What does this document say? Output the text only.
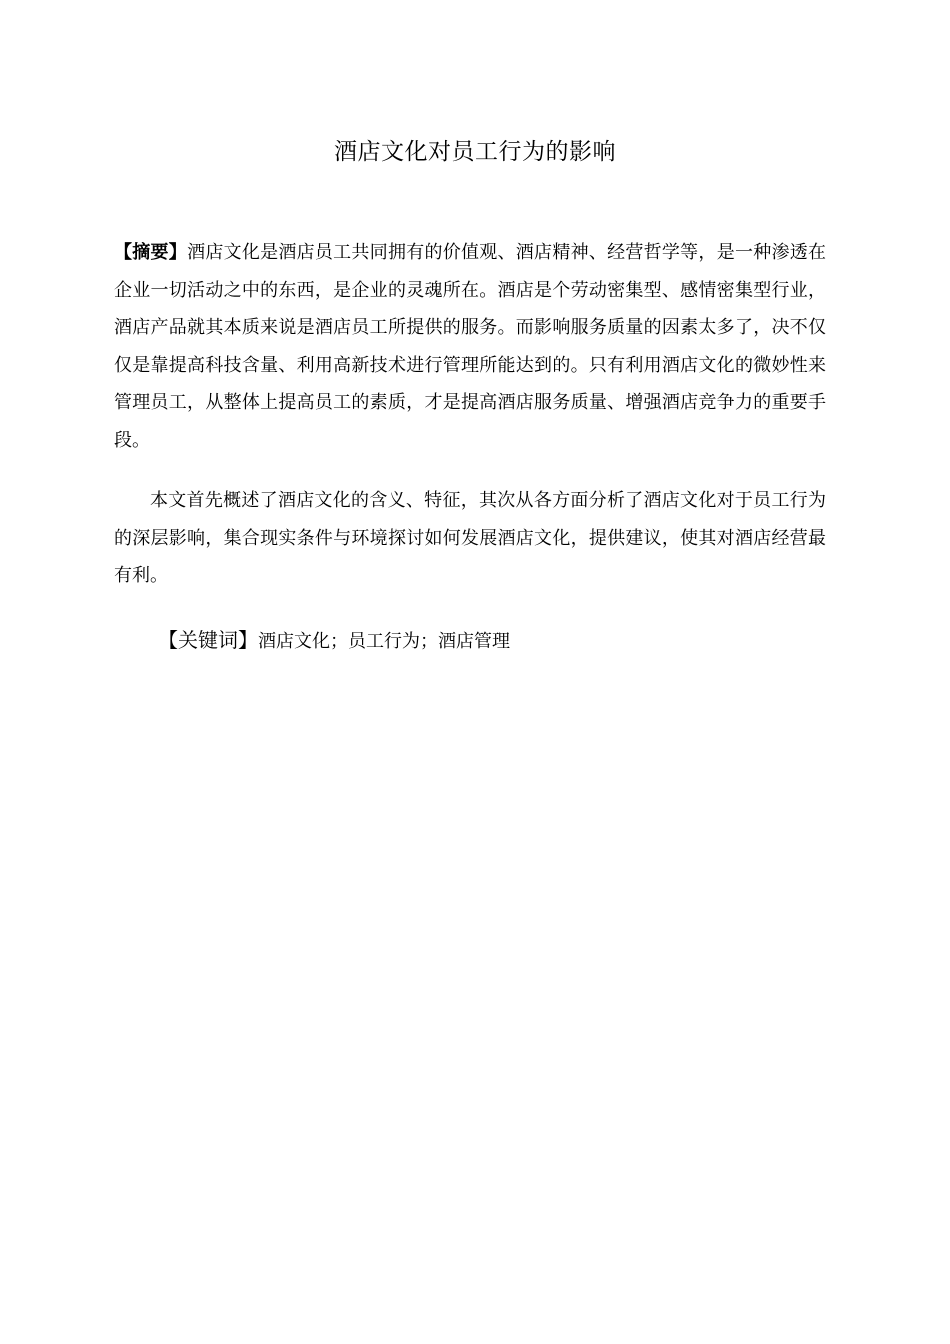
酒店文化对员工行为的影响
【摘要】酒店文化是酒店员工共同拥有的价值观、酒店精神、经营哲学等，是一种渗透在企业一切活动之中的东西，是企业的灵魂所在。酒店是个劳动密集型、感情密集型行业，酒店产品就其本质来说是酒店员工所提供的服务。而影响服务质量的因素太多了，决不仅仅是靠提高科技含量、利用高新技术进行管理所能达到的。只有利用酒店文化的微妙性来管理员工，从整体上提高员工的素质，才是提高酒店服务质量、增强酒店竞争力的重要手段。
本文首先概述了酒店文化的含义、特征，其次从各方面分析了酒店文化对于员工行为的深层影响，集合现实条件与环境探讨如何发展酒店文化，提供建议，使其对酒店经营最有利。
【关键词】酒店文化；员工行为；酒店管理
